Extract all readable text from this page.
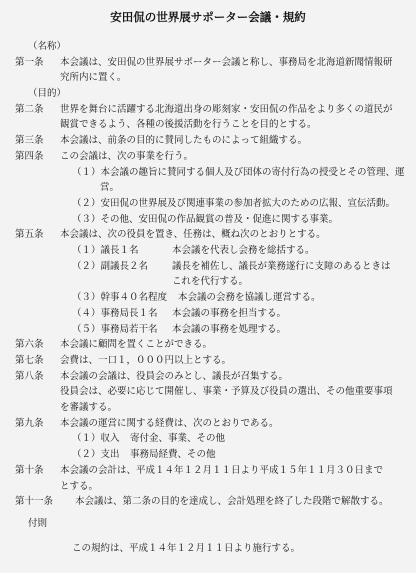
安田侃の世界展サポーター会議・規約
（名称）
第一条 本会議は、安田侃の世界展サポーター会議と称し、事務局を北海道新聞情報研
究所内に置く。
（目的）
第二条 世界を舞台に活躍する北海道出身の彫刻家・安田侃の作品をより多くの道民が
観賞できるよう、各種の後援活動を行うことを目的とする。
第三条 本会議は、前条の目的に賛同したものによって組織する。
第四条 この会議は、次の事業を行う。
（１）本会議の趣旨に賛同する個人及び団体の寄付行為の授受とその管理、運
営。
（２）安田侃の世界展及び関連事業の参加者拡大のための広報、宣伝活動。
（３）その他、安田侃の作品観賞の普及・促進に関する事業。
第五条 本会議は、次の役員を置き、任務は、概ね次のとおりとする。
（１）議長１名	本会議を代表し会務を総括する。
（２）副議長２名	議長を補佐し、議長が業務遂行に支障のあるときは
これを代行する。
（３）幹事４０名程度 本会議の会務を協議し運営する。
（４）事務局長１名 本会議の事務を担当する。
（５）事務局若干名 本会議の事務を処理する。
第六条 本会議に顧問を置くことができる。
第七条 会費は、一口１，０００円以上とする。
第八条 本会議の会議は、役員会のみとし、議長が召集する。
役員会は、必要に応じて開催し、事業・予算及び役員の選出、その他重要事項
を審議する。
第九条 本会議の運営に関する経費は、次のとおりである。
（１）収入 寄付金、事業、その他
（２）支出 事務局経費、その他
第十条 本会議の会計は、平成１４年１２月１１日より平成１５年１１月３０日まで
とする。
第十一条 本会議は、第二条の目的を達成し、会計処理を終了した段階で解散する。
付則
この規約は、平成１４年１２月１１日より施行する。
